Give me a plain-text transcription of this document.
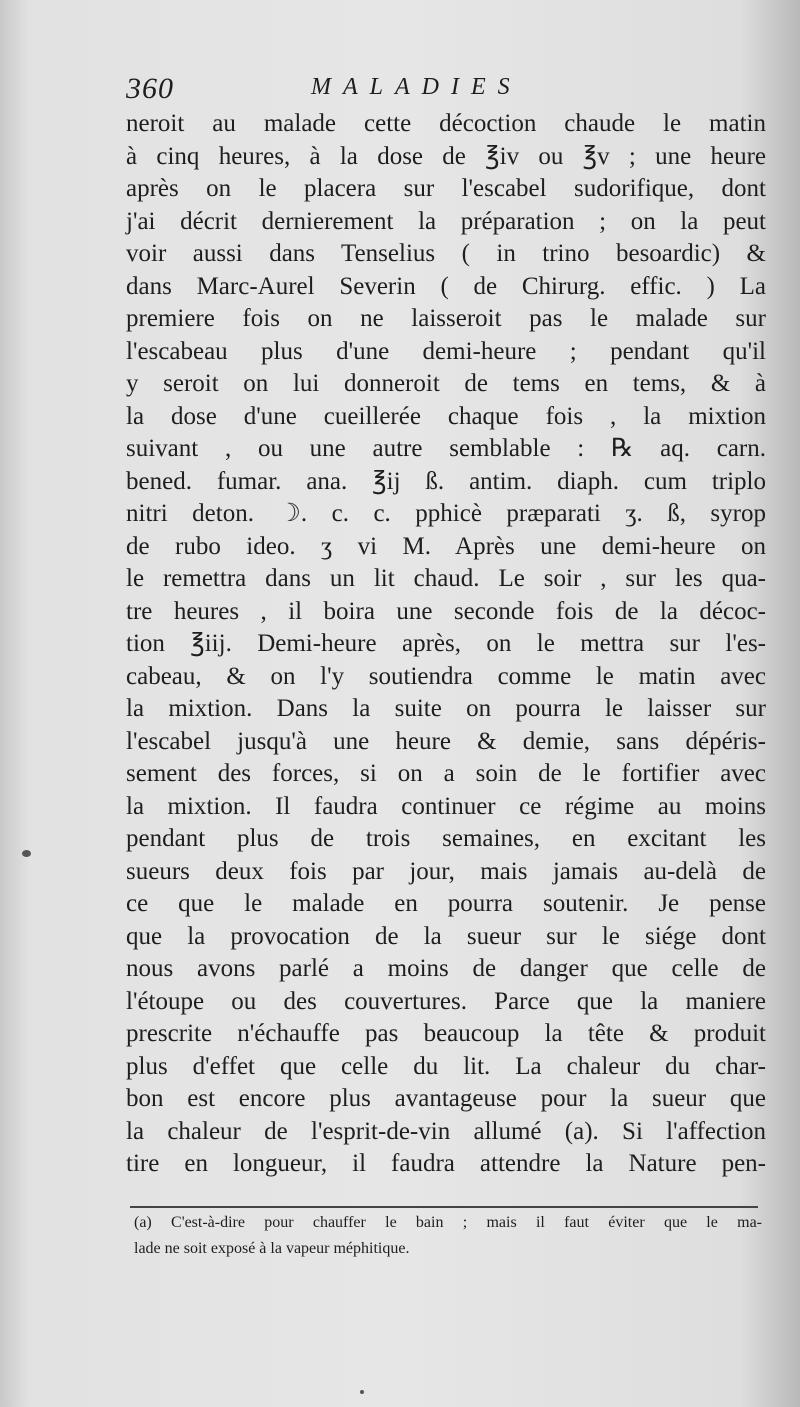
360	MALADIES
neroit au malade cette décoction chaude le matin
à cinq heures, à la dose de ℥iv ou ℥v ; une heure
après on le placera sur l'escabel sudorifique, dont
j'ai décrit dernierement la préparation ; on la peut
voir aussi dans Tenselius ( in trino besoardic) &
dans Marc-Aurel Severin ( de Chirurg. effic. ) La
premiere fois on ne laisseroit pas le malade sur
l'escabeau plus d'une demi-heure ; pendant qu'il
y seroit on lui donneroit de tems en tems, & à
la dose d'une cueillerée chaque fois , la mixtion
suivant , ou une autre semblable : ℞ aq. carn.
bened. fumar. ana. ℥ij ß. antim. diaph. cum triplo
nitri deton. ☽. c. c. pphicè præparati ʒ. ß, syrop
de rubo ideo. ʒ vi M. Après une demi-heure on
le remettra dans un lit chaud. Le soir , sur les qua-
tre heures , il boira une seconde fois de la décoc-
tion ℥iij. Demi-heure après, on le mettra sur l'es-
cabeau, & on l'y soutiendra comme le matin avec
la mixtion. Dans la suite on pourra le laisser sur
l'escabel jusqu'à une heure & demie, sans dépéris-
sement des forces, si on a soin de le fortifier avec
la mixtion. Il faudra continuer ce régime au moins
pendant plus de trois semaines, en excitant les
sueurs deux fois par jour, mais jamais au-delà de
ce que le malade en pourra soutenir. Je pense
que la provocation de la sueur sur le siége dont
nous avons parlé a moins de danger que celle de
l'étoupe ou des couvertures. Parce que la maniere
prescrite n'échauffe pas beaucoup la tête & produit
plus d'effet que celle du lit. La chaleur du char-
bon est encore plus avantageuse pour la sueur que
la chaleur de l'esprit-de-vin allumé (a). Si l'affection
tire en longueur, il faudra attendre la Nature pen-
(a) C'est-à-dire pour chauffer le bain ; mais il faut éviter que le ma-
lade ne soit exposé à la vapeur méphitique.
